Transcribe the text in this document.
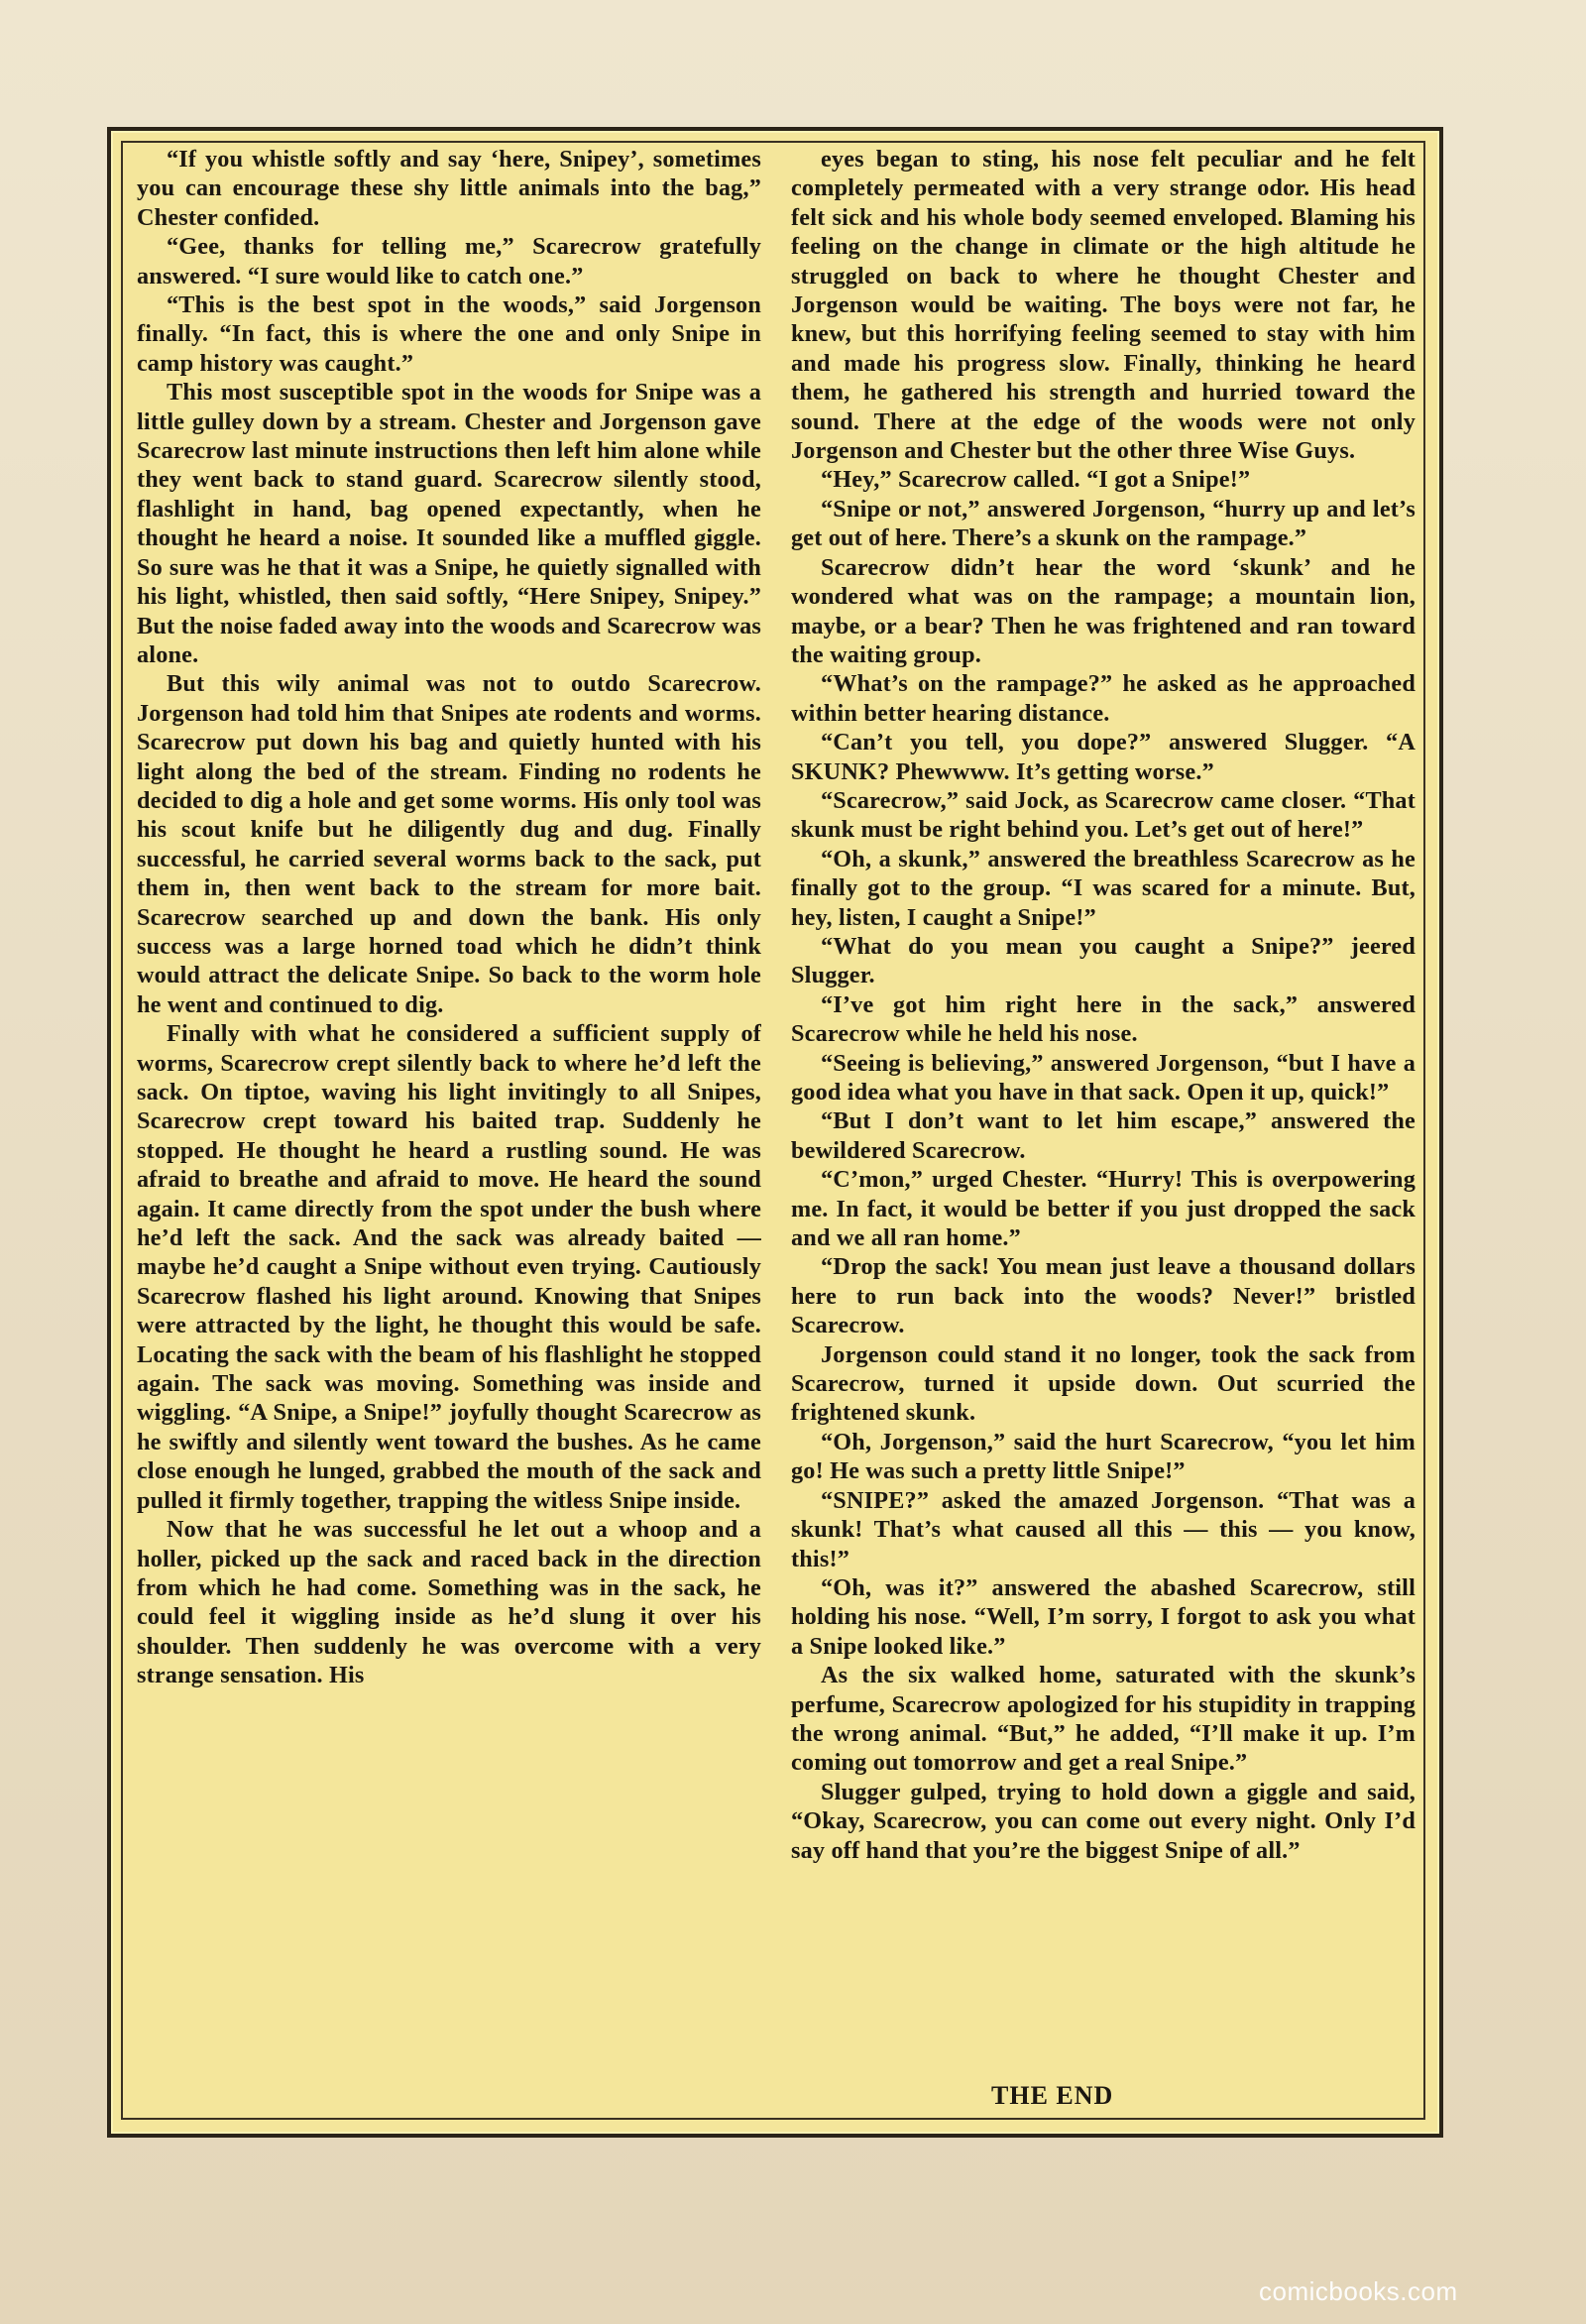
“If you whistle softly and say ‘here, Snipey’, sometimes you can encourage these shy little animals into the bag,” Chester confided.

“Gee, thanks for telling me,” Scarecrow gratefully answered. “I sure would like to catch one.”

“This is the best spot in the woods,” said Jorgenson finally. “In fact, this is where the one and only Snipe in camp history was caught.”

This most susceptible spot in the woods for Snipe was a little gulley down by a stream. Chester and Jorgenson gave Scarecrow last minute instructions then left him alone while they went back to stand guard. Scarecrow silently stood, flashlight in hand, bag opened expectantly, when he thought he heard a noise. It sounded like a muffled giggle. So sure was he that it was a Snipe, he quietly signalled with his light, whistled, then said softly, “Here Snipey, Snipey.” But the noise faded away into the woods and Scarecrow was alone.

But this wily animal was not to outdo Scarecrow. Jorgenson had told him that Snipes ate rodents and worms. Scarecrow put down his bag and quietly hunted with his light along the bed of the stream. Finding no rodents he decided to dig a hole and get some worms. His only tool was his scout knife but he diligently dug and dug. Finally successful, he carried several worms back to the sack, put them in, then went back to the stream for more bait. Scarecrow searched up and down the bank. His only success was a large horned toad which he didn’t think would attract the delicate Snipe. So back to the worm hole he went and continued to dig.

Finally with what he considered a sufficient supply of worms, Scarecrow crept silently back to where he’d left the sack. On tiptoe, waving his light invitingly to all Snipes, Scarecrow crept toward his baited trap. Suddenly he stopped. He thought he heard a rustling sound. He was afraid to breathe and afraid to move. He heard the sound again. It came directly from the spot under the bush where he’d left the sack. And the sack was already baited — maybe he’d caught a Snipe without even trying. Cautiously Scarecrow flashed his light around. Knowing that Snipes were attracted by the light, he thought this would be safe. Locating the sack with the beam of his flashlight he stopped again. The sack was moving. Something was inside and wiggling. “A Snipe, a Snipe!” joyfully thought Scarecrow as he swiftly and silently went toward the bushes. As he came close enough he lunged, grabbed the mouth of the sack and pulled it firmly together, trapping the witless Snipe inside.

Now that he was successful he let out a whoop and a holler, picked up the sack and raced back in the direction from which he had come. Something was in the sack, he could feel it wiggling inside as he’d slung it over his shoulder. Then suddenly he was overcome with a very strange sensation. His

eyes began to sting, his nose felt peculiar and he felt completely permeated with a very strange odor. His head felt sick and his whole body seemed enveloped. Blaming his feeling on the change in climate or the high altitude he struggled on back to where he thought Chester and Jorgenson would be waiting. The boys were not far, he knew, but this horrifying feeling seemed to stay with him and made his progress slow. Finally, thinking he heard them, he gathered his strength and hurried toward the sound. There at the edge of the woods were not only Jorgenson and Chester but the other three Wise Guys.

“Hey,” Scarecrow called. “I got a Snipe!”

“Snipe or not,” answered Jorgenson, “hurry up and let’s get out of here. There’s a skunk on the rampage.”

Scarecrow didn’t hear the word ‘skunk’ and he wondered what was on the rampage; a mountain lion, maybe, or a bear? Then he was frightened and ran toward the waiting group.

“What’s on the rampage?” he asked as he approached within better hearing distance.

“Can’t you tell, you dope?” answered Slugger. “A SKUNK? Phewwww. It’s getting worse.”

“Scarecrow,” said Jock, as Scarecrow came closer. “That skunk must be right behind you. Let’s get out of here!”

“Oh, a skunk,” answered the breathless Scarecrow as he finally got to the group. “I was scared for a minute. But, hey, listen, I caught a Snipe!”

“What do you mean you caught a Snipe?” jeered Slugger.

“I’ve got him right here in the sack,” answered Scarecrow while he held his nose.

“Seeing is believing,” answered Jorgenson, “but I have a good idea what you have in that sack. Open it up, quick!”

“But I don’t want to let him escape,” answered the bewildered Scarecrow.

“C’mon,” urged Chester. “Hurry! This is overpowering me. In fact, it would be better if you just dropped the sack and we all ran home.”

“Drop the sack! You mean just leave a thousand dollars here to run back into the woods? Never!” bristled Scarecrow.

Jorgenson could stand it no longer, took the sack from Scarecrow, turned it upside down. Out scurried the frightened skunk.

“Oh, Jorgenson,” said the hurt Scarecrow, “you let him go! He was such a pretty little Snipe!”

“SNIPE?” asked the amazed Jorgenson. “That was a skunk! That’s what caused all this — this — you know, this!”

“Oh, was it?” answered the abashed Scarecrow, still holding his nose. “Well, I’m sorry, I forgot to ask you what a Snipe looked like.”

As the six walked home, saturated with the skunk’s perfume, Scarecrow apologized for his stupidity in trapping the wrong animal. “But,” he added, “I’ll make it up. I’m coming out tomorrow and get a real Snipe.”

Slugger gulped, trying to hold down a giggle and said, “Okay, Scarecrow, you can come out every night. Only I’d say off hand that you’re the biggest Snipe of all.”

THE END
comicbooks.com
